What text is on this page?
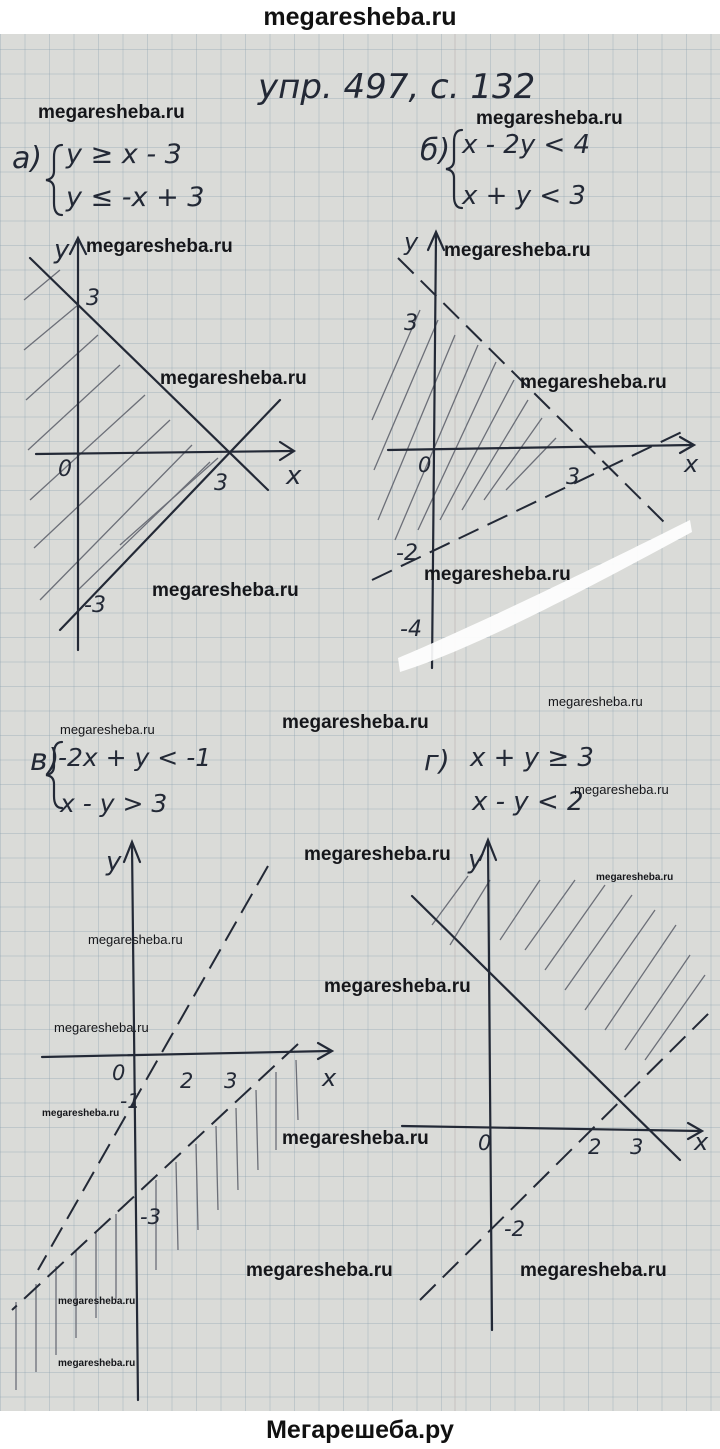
megaresheba.ru
упр. 497, с. 132
а) y ≥ x - 3
y ≤ -x + 3
y
x
0
3
3
-3
б) x - 2y < 4
x + y < 3
y
x
0
3
3
-2
-4
в)
-2x + y < -1
x - y > 3
y
x
0	2 3
-1
-3
г) x + y ≥ 3
x - y < 2
y
x
0	2 3
-2
megaresheba.ru	megaresheba.ru
megaresheba.ru	megaresheba.ru
megaresheba.ru	megaresheba.ru
megaresheba.ru
megaresheba.ru
megaresheba.ru
megaresheba.ru
megaresheba.ru
megaresheba.ru
megaresheba.ru
megaresheba.ru
megaresheba.ru
megaresheba.ru
megaresheba.ru
megaresheba.ru
megaresheba.ru
megaresheba.ru	megaresheba.ru
megaresheba.ru
megaresheba.ru
Мегарешеба.ру
